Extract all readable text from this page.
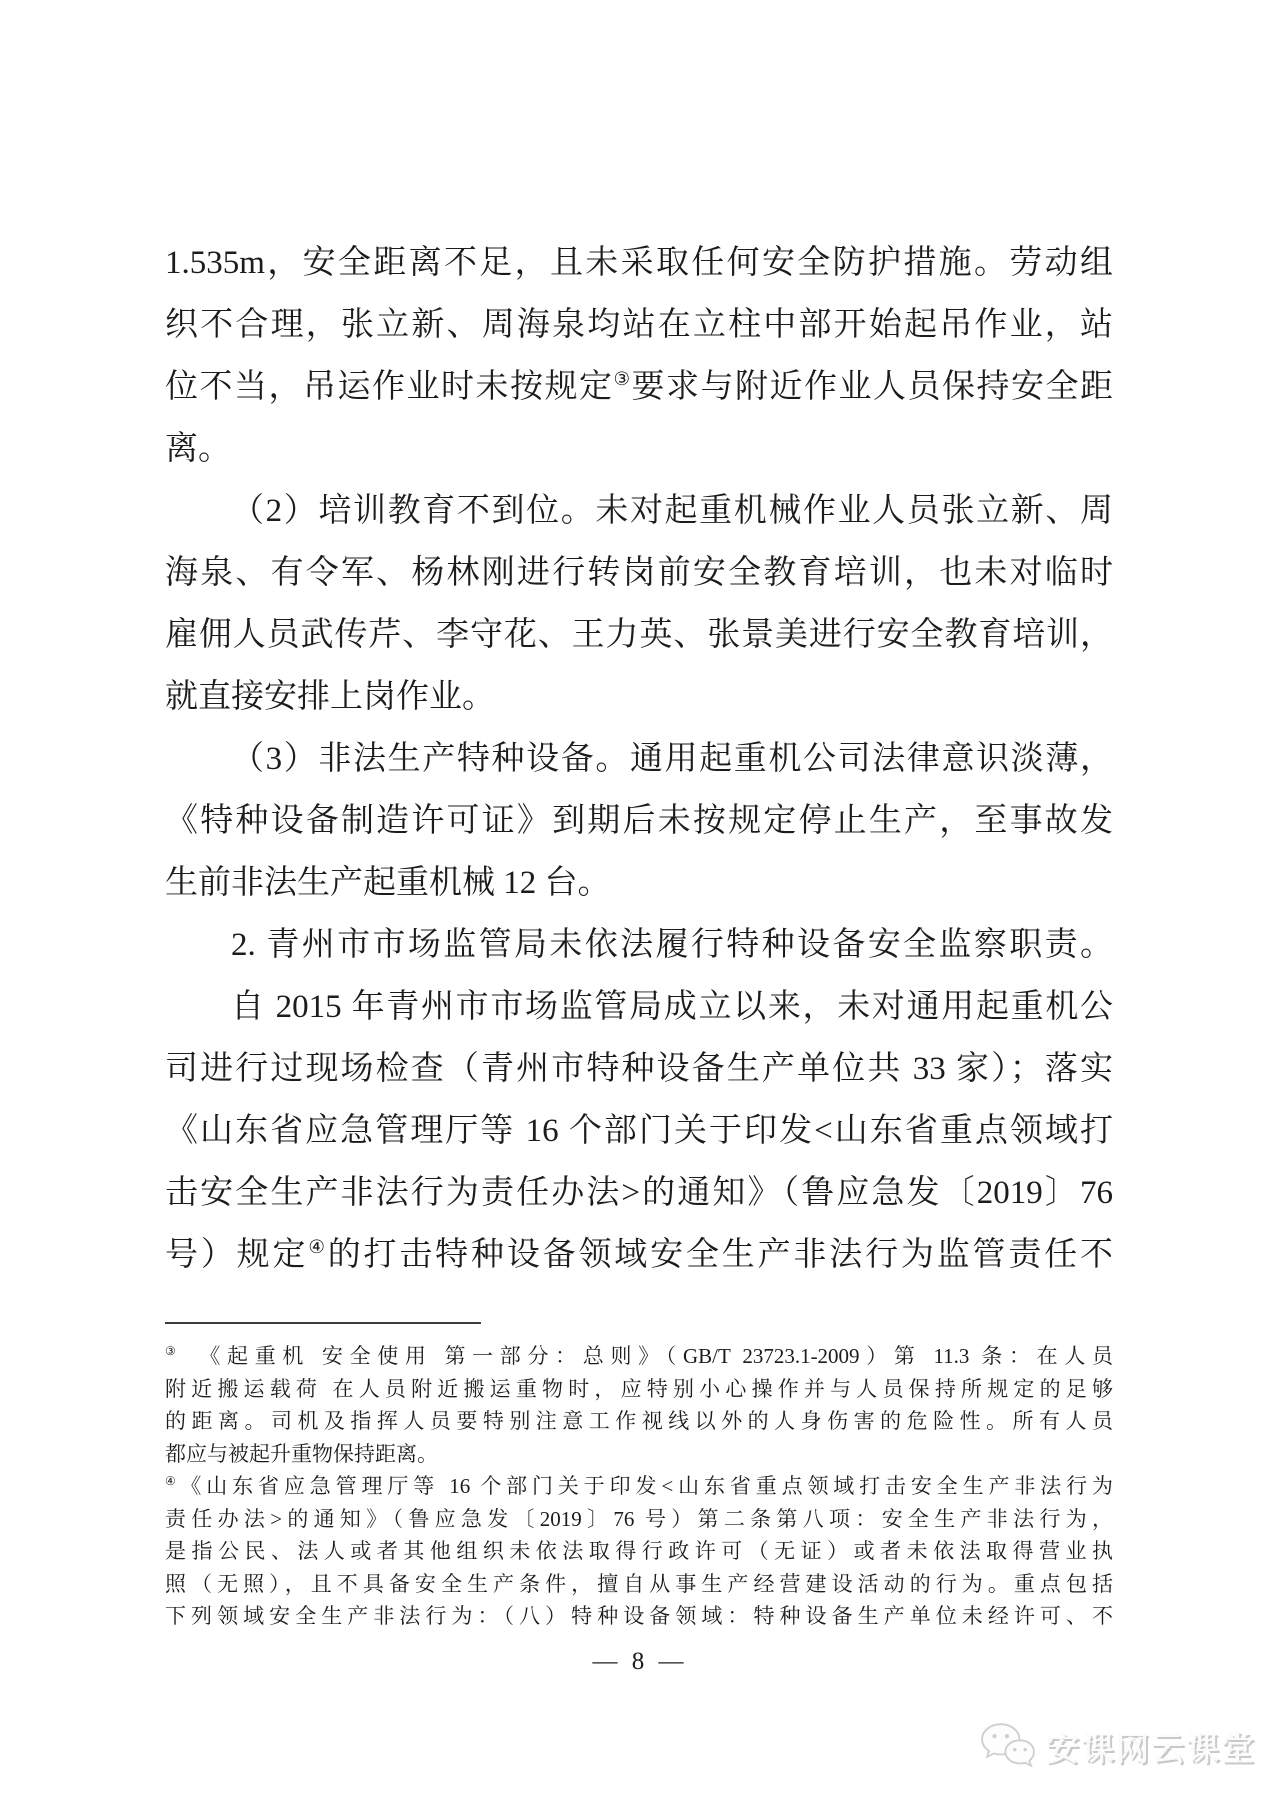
1.535m，安全距离不足，且未采取任何安全防护措施。劳动组
织不合理，张立新、周海泉均站在立柱中部开始起吊作业，站
位不当，吊运作业时未按规定③要求与附近作业人员保持安全距
离。
（2）培训教育不到位。未对起重机械作业人员张立新、周
海泉、有令军、杨林刚进行转岗前安全教育培训，也未对临时
雇佣人员武传芹、李守花、王力英、张景美进行安全教育培训，
就直接安排上岗作业。
（3）非法生产特种设备。通用起重机公司法律意识淡薄，
《特种设备制造许可证》到期后未按规定停止生产，至事故发
生前非法生产起重机械 12 台。
2. 青州市市场监管局未依法履行特种设备安全监察职责。
自 2015 年青州市市场监管局成立以来，未对通用起重机公
司进行过现场检查（青州市特种设备生产单位共 33 家）；落实
《山东省应急管理厅等 16 个部门关于印发<山东省重点领域打
击安全生产非法行为责任办法>的通知》（鲁应急发〔2019〕76
号）规定④的打击特种设备领域安全生产非法行为监管责任不
③　《起重机 安全使用 第一部分：总则》（GB/T 23723.1-2009）第 11.3 条：在人员
附近搬运载荷 在人员附近搬运重物时，应特别小心操作并与人员保持所规定的足够
的距离。司机及指挥人员要特别注意工作视线以外的人身伤害的危险性。所有人员
都应与被起升重物保持距离。
④《山东省应急管理厅等 16 个部门关于印发<山东省重点领域打击安全生产非法行为
责任办法>的通知》（鲁应急发〔2019〕76 号）第二条第八项：安全生产非法行为，
是指公民、法人或者其他组织未依法取得行政许可（无证）或者未依法取得营业执
照（无照），且不具备安全生产条件，擅自从事生产经营建设活动的行为。重点包括
下列领域安全生产非法行为：（八）特种设备领域：特种设备生产单位未经许可、不
— 8 —
安课网云课堂
